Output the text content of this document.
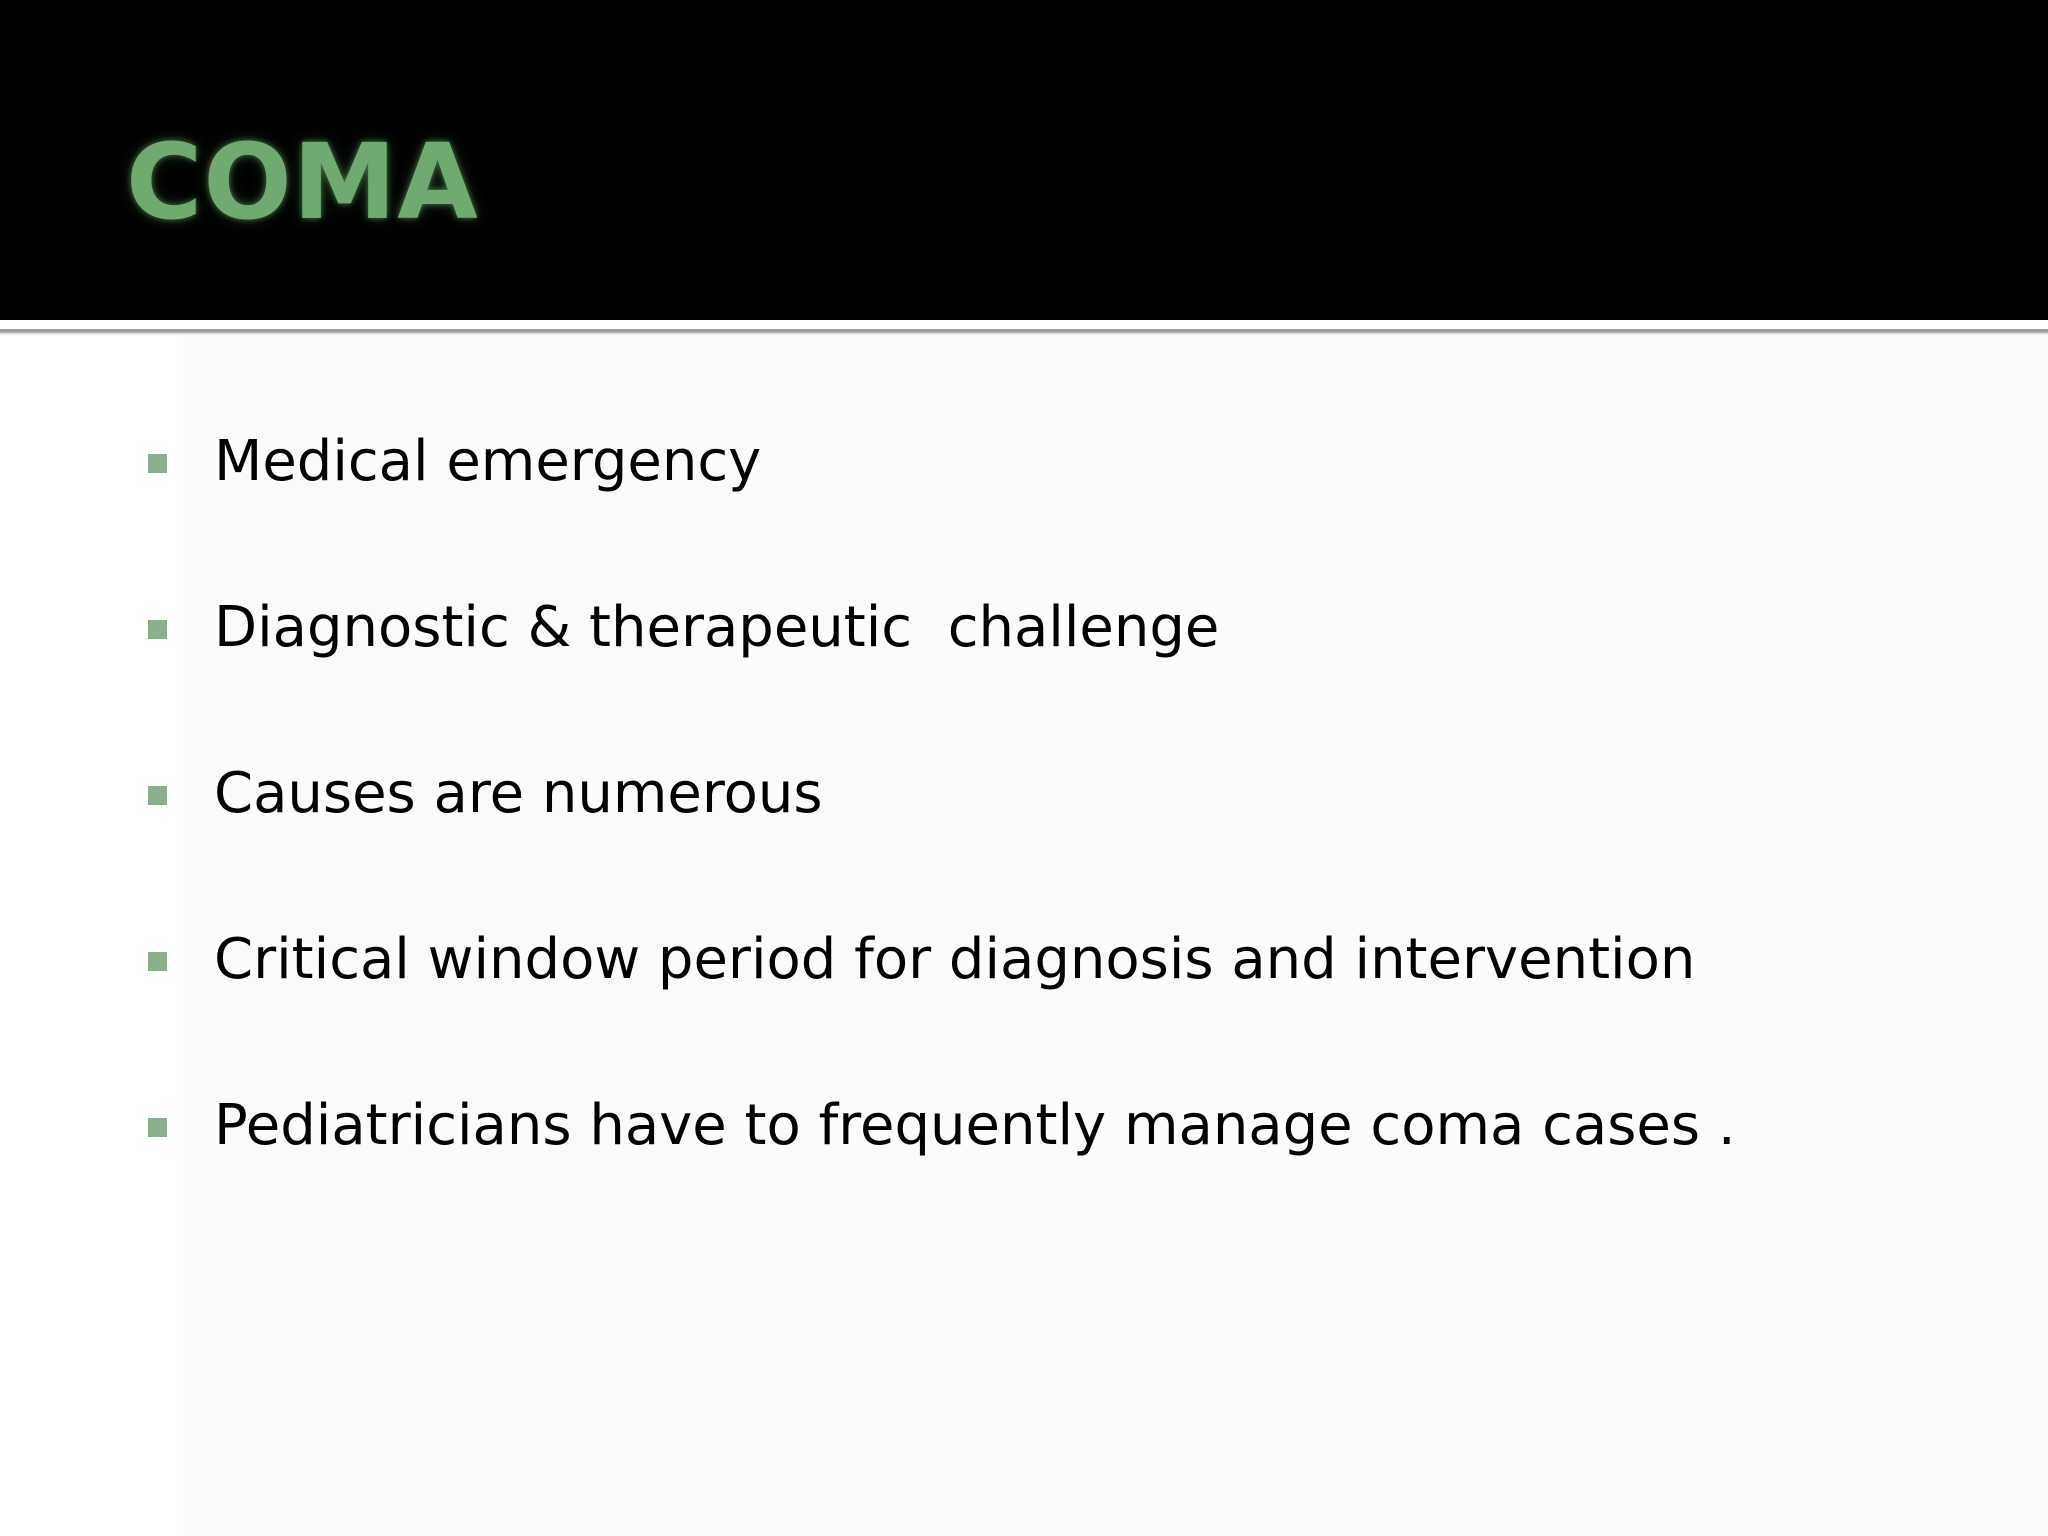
COMA
Medical emergency
Diagnostic & therapeutic  challenge
Causes are numerous
Critical window period for diagnosis and intervention
Pediatricians have to frequently manage coma cases .
